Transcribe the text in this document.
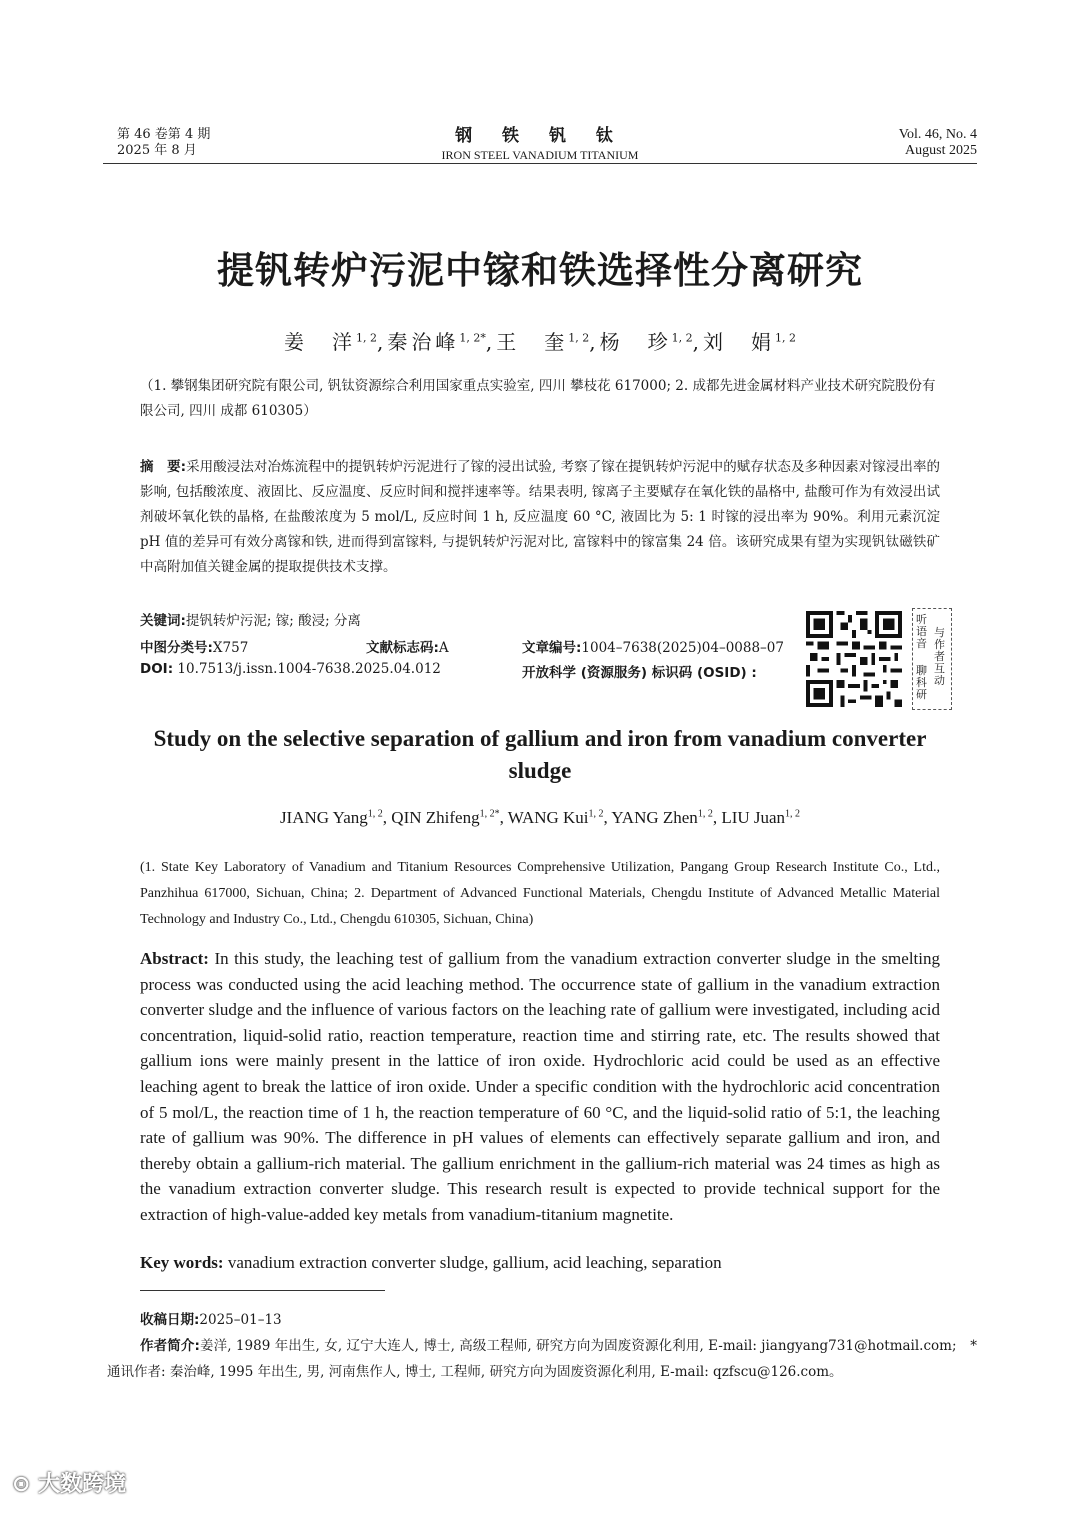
第 46 卷第 4 期
2025 年 8 月
钢 铁 钒 钛
IRON STEEL VANADIUM TITANIUM
Vol. 46, No. 4
August 2025
提钒转炉污泥中镓和铁选择性分离研究
姜　洋$^{1, 2}$,秦治峰$^{1, 2*}$,王　奎$^{1, 2}$,杨　珍$^{1, 2}$,刘　娟$^{1, 2}$
（1. 攀钢集团研究院有限公司, 钒钛资源综合利用国家重点实验室, 四川 攀枝花 617000; 2. 成都先进金属材料产业技术研究院股份有限公司, 四川 成都 610305）
摘　要:采用酸浸法对冶炼流程中的提钒转炉污泥进行了镓的浸出试验, 考察了镓在提钒转炉污泥中的赋存状态及多种因素对镓浸出率的影响, 包括酸浓度、液固比、反应温度、反应时间和搅拌速率等。结果表明, 镓离子主要赋存在氧化铁的晶格中, 盐酸可作为有效浸出试剂破坏氧化铁的晶格, 在盐酸浓度为 5 mol/L, 反应时间 1 h, 反应温度 60 °C, 液固比为 5: 1 时镓的浸出率为 90%。利用元素沉淀 pH 值的差异可有效分离镓和铁, 进而得到富镓料, 与提钒转炉污泥对比, 富镓料中的镓富集 24 倍。该研究成果有望为实现钒钛磁铁矿中高附加值关键金属的提取提供技术支撑。
关键词:提钒转炉污泥; 镓; 酸浸; 分离
中图分类号:X757	文献标志码:A	文章编号:1004–7638(2025)04–0088–07
DOI: 10.7513/j.issn.1004-7638.2025.04.012	开放科学 (资源服务) 标识码 (OSID) :
听语音
与作者互动
聊科研
Study on the selective separation of gallium and iron from vanadium converter sludge
JIANG Yang$^{1, 2}$, QIN Zhifeng$^{1, 2*}$, WANG Kui$^{1, 2}$, YANG Zhen$^{1, 2}$, LIU Juan$^{1, 2}$
(1. State Key Laboratory of Vanadium and Titanium Resources Comprehensive Utilization, Pangang Group Research Institute Co., Ltd., Panzhihua 617000, Sichuan, China; 2. Department of Advanced Functional Materials, Chengdu Institute of Advanced Metallic Material Technology and Industry Co., Ltd., Chengdu 610305, Sichuan, China)
Abstract: In this study, the leaching test of gallium from the vanadium extraction converter sludge in the smelting process was conducted using the acid leaching method. The occurrence state of gallium in the vanadium extraction converter sludge and the influence of various factors on the leaching rate of gallium were investigated, including acid concentration, liquid-solid ratio, reaction temperature, reaction time and stirring rate, etc. The results showed that gallium ions were mainly present in the lattice of iron oxide. Hydrochloric acid could be used as an effective leaching agent to break the lattice of iron oxide. Under a specific condition with the hydrochloric acid concentration of 5 mol/L, the reaction time of 1 h, the reaction temperature of 60 °C, and the liquid-solid ratio of 5:1, the leaching rate of gallium was 90%. The difference in pH values of elements can effectively separate gallium and iron, and thereby obtain a gallium-rich material. The gallium enrichment in the gallium-rich material was 24 times as high as the vanadium extraction converter sludge. This research result is expected to provide technical support for the extraction of high-value-added key metals from vanadium-titanium magnetite.
Key words: vanadium extraction converter sludge, gallium, acid leaching, separation
收稿日期:2025–01–13
作者简介:姜洋, 1989 年出生, 女, 辽宁大连人, 博士, 高级工程师, 研究方向为固废资源化利用, E-mail: jiangyang731@hotmail.com;　*通讯作者: 秦治峰, 1995 年出生, 男, 河南焦作人, 博士, 工程师, 研究方向为固废资源化利用, E-mail: qzfscu@126.com。
⊙ 大数跨境
